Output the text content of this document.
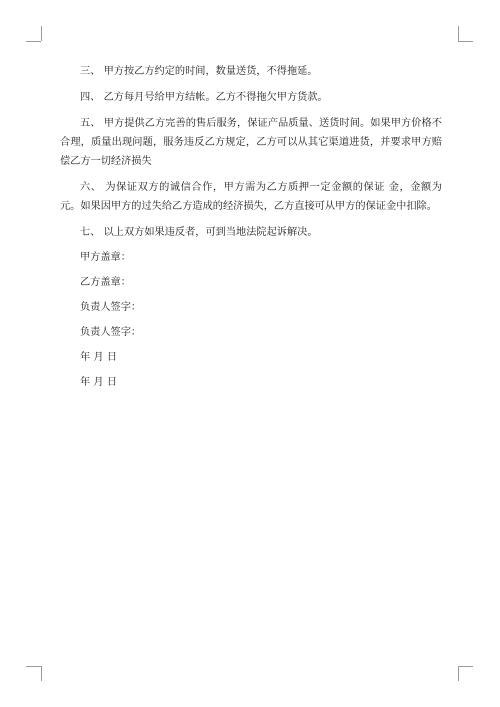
三、 甲方按乙方约定的时间，数量送货，不得拖延。

四、 乙方每月号给甲方结帐。乙方不得拖欠甲方货款。

五、 甲方提供乙方完善的售后服务，保证产品质量、送货时间。如果甲方价格不合理，质量出现问题，服务违反乙方规定，乙方可以从其它渠道进货，并要求甲方赔偿乙方一切经济损失

六、 为保证双方的诚信合作，甲方需为乙方质押一定金额的保证 金，金额为 元。如果因甲方的过失给乙方造成的经济损失，乙方直接可从甲方的保证金中扣除。

七、 以上双方如果违反者，可到当地法院起诉解决。

甲方盖章：

乙方盖章：

负责人签字：

负责人签字：

年 月 日

年 月 日
